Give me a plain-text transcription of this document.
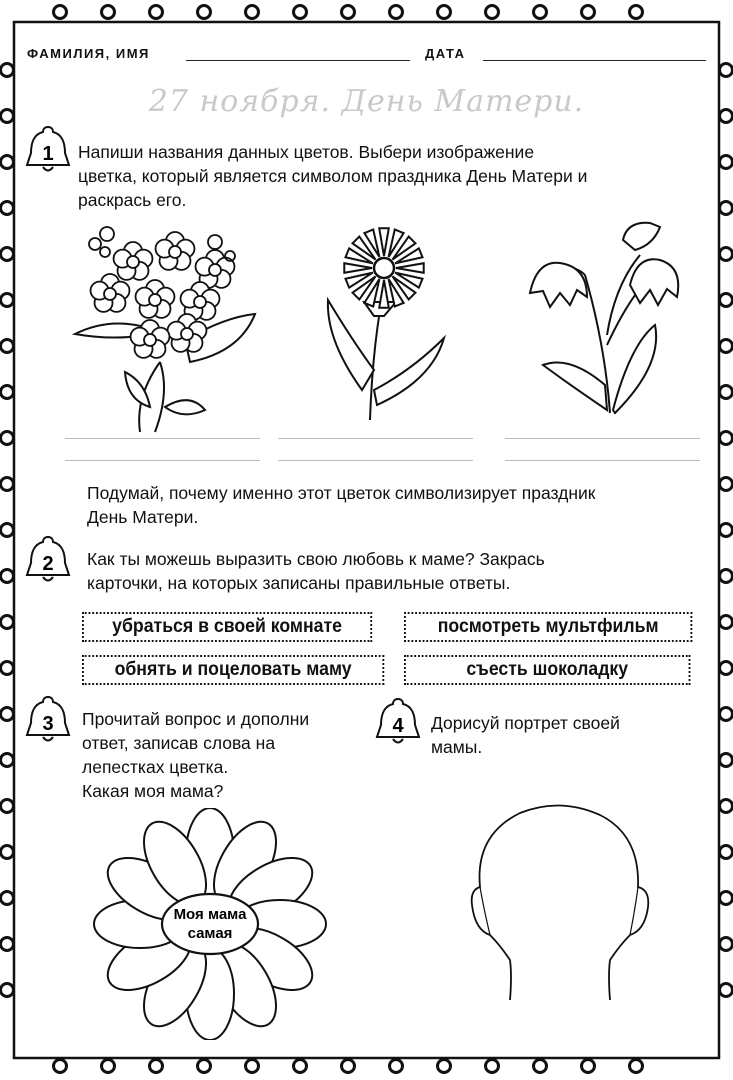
ФАМИЛИЯ, ИМЯ	ДАТА
27 ноября. День Матери.
1 Напиши названия данных цветов. Выбери изображение
цветка, который является символом праздника День Матери и
раскрась его.
Подумай, почему именно этот цветок символизирует праздник
День Матери.
2 Как ты можешь выразить свою любовь к маме? Закрась
карточки, на которых записаны правильные ответы.
убраться в своей комнате	посмотреть мультфильм
обнять и поцеловать маму	съесть шоколадку
3 Прочитай вопрос и дополни
ответ, записав слова на
лепестках цветка.
Какая моя мама?
Моя мама
самая
4 Дорисуй портрет своей
мамы.
